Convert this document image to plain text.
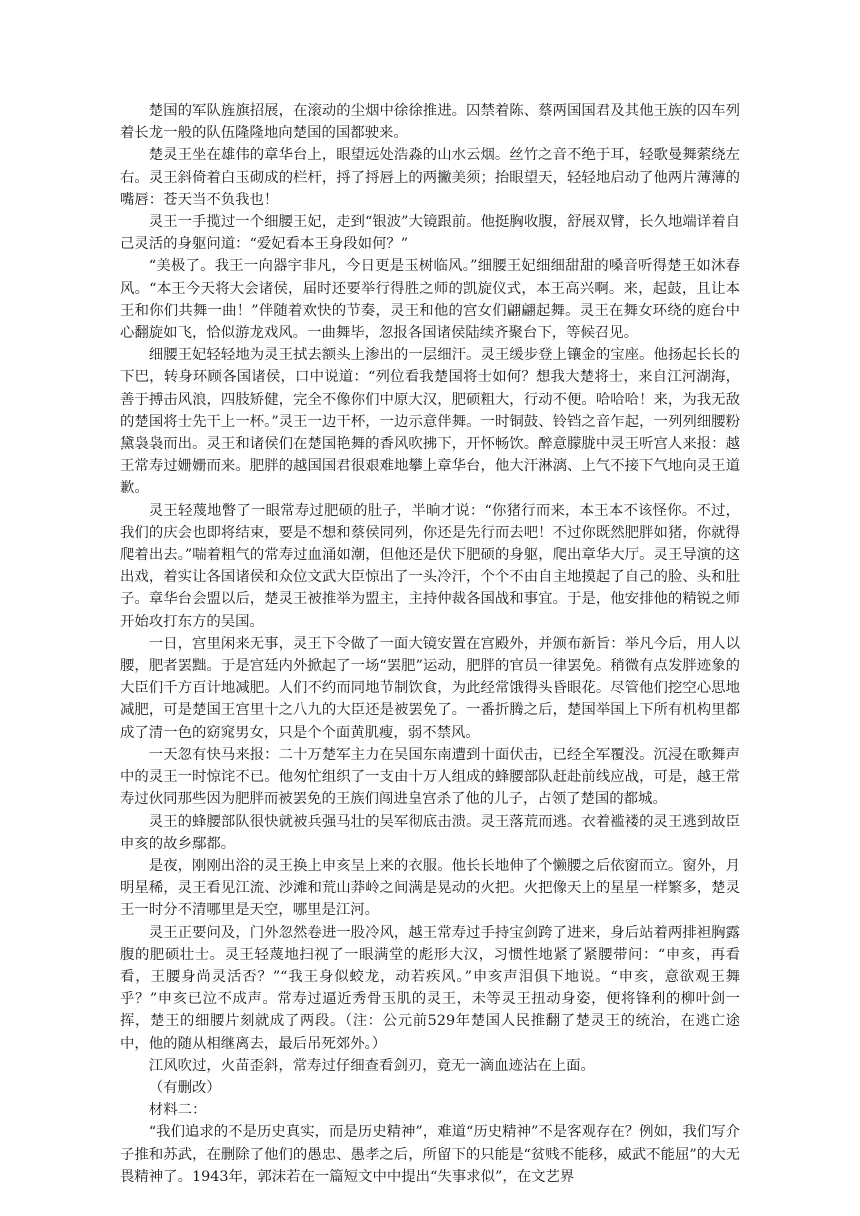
楚国的军队旌旗招展，在滚动的尘烟中徐徐推进。囚禁着陈、蔡两国国君及其他王族的囚车列着长龙一般的队伍隆隆地向楚国的国都驶来。

楚灵王坐在雄伟的章华台上，眼望远处浩淼的山水云烟。丝竹之音不绝于耳，轻歌曼舞萦绕左右。灵王斜倚着白玉砌成的栏杆，捋了捋唇上的两撇美须；抬眼望天，轻轻地启动了他两片薄薄的嘴唇：苍天当不负我也！

灵王一手揽过一个细腰王妃，走到“银波”大镜跟前。他挺胸收腹，舒展双臂，长久地端详着自己灵活的身躯问道：“爱妃看本王身段如何？”

“美极了。我王一向器宇非凡，今日更是玉树临风。”细腰王妃细细甜甜的嗓音听得楚王如沐春风。“本王今天将大会诸侯，届时还要举行得胜之师的凯旋仪式，本王高兴啊。来，起鼓，且让本王和你们共舞一曲！”伴随着欢快的节奏，灵王和他的宫女们翩翩起舞。灵王在舞女环绕的庭台中心翻旋如飞，恰似游龙戏风。一曲舞毕，忽报各国诸侯陆续齐聚台下，等候召见。

细腰王妃轻轻地为灵王拭去额头上渗出的一层细汗。灵王缓步登上镶金的宝座。他扬起长长的下巴，转身环顾各国诸侯，口中说道：“列位看我楚国将士如何？想我大楚将士，来自江河湖海，善于搏击风浪，四肢矫健，完全不像你们中原大汉，肥硕粗大，行动不便。哈哈哈！来，为我无敌的楚国将士先干上一杯。”灵王一边干杯，一边示意伴舞。一时铜鼓、铃铛之音乍起，一列列细腰粉黛袅袅而出。灵王和诸侯们在楚国艳舞的香风吹拂下，开怀畅饮。醉意朦胧中灵王听宫人来报：越王常寿过姗姗而来。肥胖的越国国君很艰难地攀上章华台，他大汗淋漓、上气不接下气地向灵王道歉。

灵王轻蔑地瞥了一眼常寿过肥硕的肚子，半晌才说：“你猪行而来，本王本不该怪你。不过，我们的庆会也即将结束，要是不想和蔡侯同列，你还是先行而去吧！不过你既然肥胖如猪，你就得爬着出去。”喘着粗气的常寿过血涌如潮，但他还是伏下肥硕的身躯，爬出章华大厅。灵王导演的这出戏，着实让各国诸侯和众位文武大臣惊出了一头冷汗，个个不由自主地摸起了自己的脸、头和肚子。章华台会盟以后，楚灵王被推举为盟主，主持仲裁各国战和事宜。于是，他安排他的精锐之师开始攻打东方的吴国。

一日，宫里闲来无事，灵王下令做了一面大镜安置在宫殿外，并颁布新旨：举凡今后，用人以腰，肥者罢黜。于是宫廷内外掀起了一场“罢肥”运动，肥胖的官员一律罢免。稍微有点发胖迹象的大臣们千方百计地减肥。人们不约而同地节制饮食，为此经常饿得头昏眼花。尽管他们挖空心思地减肥，可是楚国王宫里十之八九的大臣还是被罢免了。一番折腾之后，楚国举国上下所有机构里都成了清一色的窈窕男女，只是个个面黄肌瘦，弱不禁风。

一天忽有快马来报：二十万楚军主力在吴国东南遭到十面伏击，已经全军覆没。沉浸在歌舞声中的灵王一时惊诧不已。他匆忙组织了一支由十万人组成的蜂腰部队赶赴前线应战，可是，越王常寿过伙同那些因为肥胖而被罢免的王族们闯进皇宫杀了他的儿子，占领了楚国的都城。

灵王的蜂腰部队很快就被兵强马壮的吴军彻底击溃。灵王落荒而逃。衣着褴褛的灵王逃到故臣申亥的故乡鄢都。

是夜，刚刚出浴的灵王换上申亥呈上来的衣服。他长长地伸了个懒腰之后依窗而立。窗外，月明星稀，灵王看见江流、沙滩和荒山莽岭之间满是晃动的火把。火把像天上的星星一样繁多，楚灵王一时分不清哪里是天空，哪里是江河。

灵王正要问及，门外忽然卷进一股冷风，越王常寿过手持宝剑跨了进来，身后站着两排袒胸露腹的肥硕壮士。灵王轻蔑地扫视了一眼满堂的彪形大汉，习惯性地紧了紧腰带问：“申亥，再看看，王腰身尚灵活否？”“我王身似蛟龙，动若疾风。”申亥声泪俱下地说。“申亥，意欲观王舞乎？”申亥已泣不成声。常寿过逼近秀骨玉肌的灵王，未等灵王扭动身姿，便将锋利的柳叶剑一挥，楚王的细腰片刻就成了两段。（注：公元前529年楚国人民推翻了楚灵王的统治，在逃亡途中，他的随从相继离去，最后吊死郊外。）

江风吹过，火苗歪斜，常寿过仔细查看剑刃，竟无一滴血迹沾在上面。

（有删改）

材料二：

“我们追求的不是历史真实，而是历史精神”，难道“历史精神”不是客观存在？例如，我们写介子推和苏武，在删除了他们的愚忠、愚孝之后，所留下的只能是“贫贱不能移，威武不能屈”的大无畏精神了。1943年，郭沫若在一篇短文中中提出“失事求似”，在文艺界
